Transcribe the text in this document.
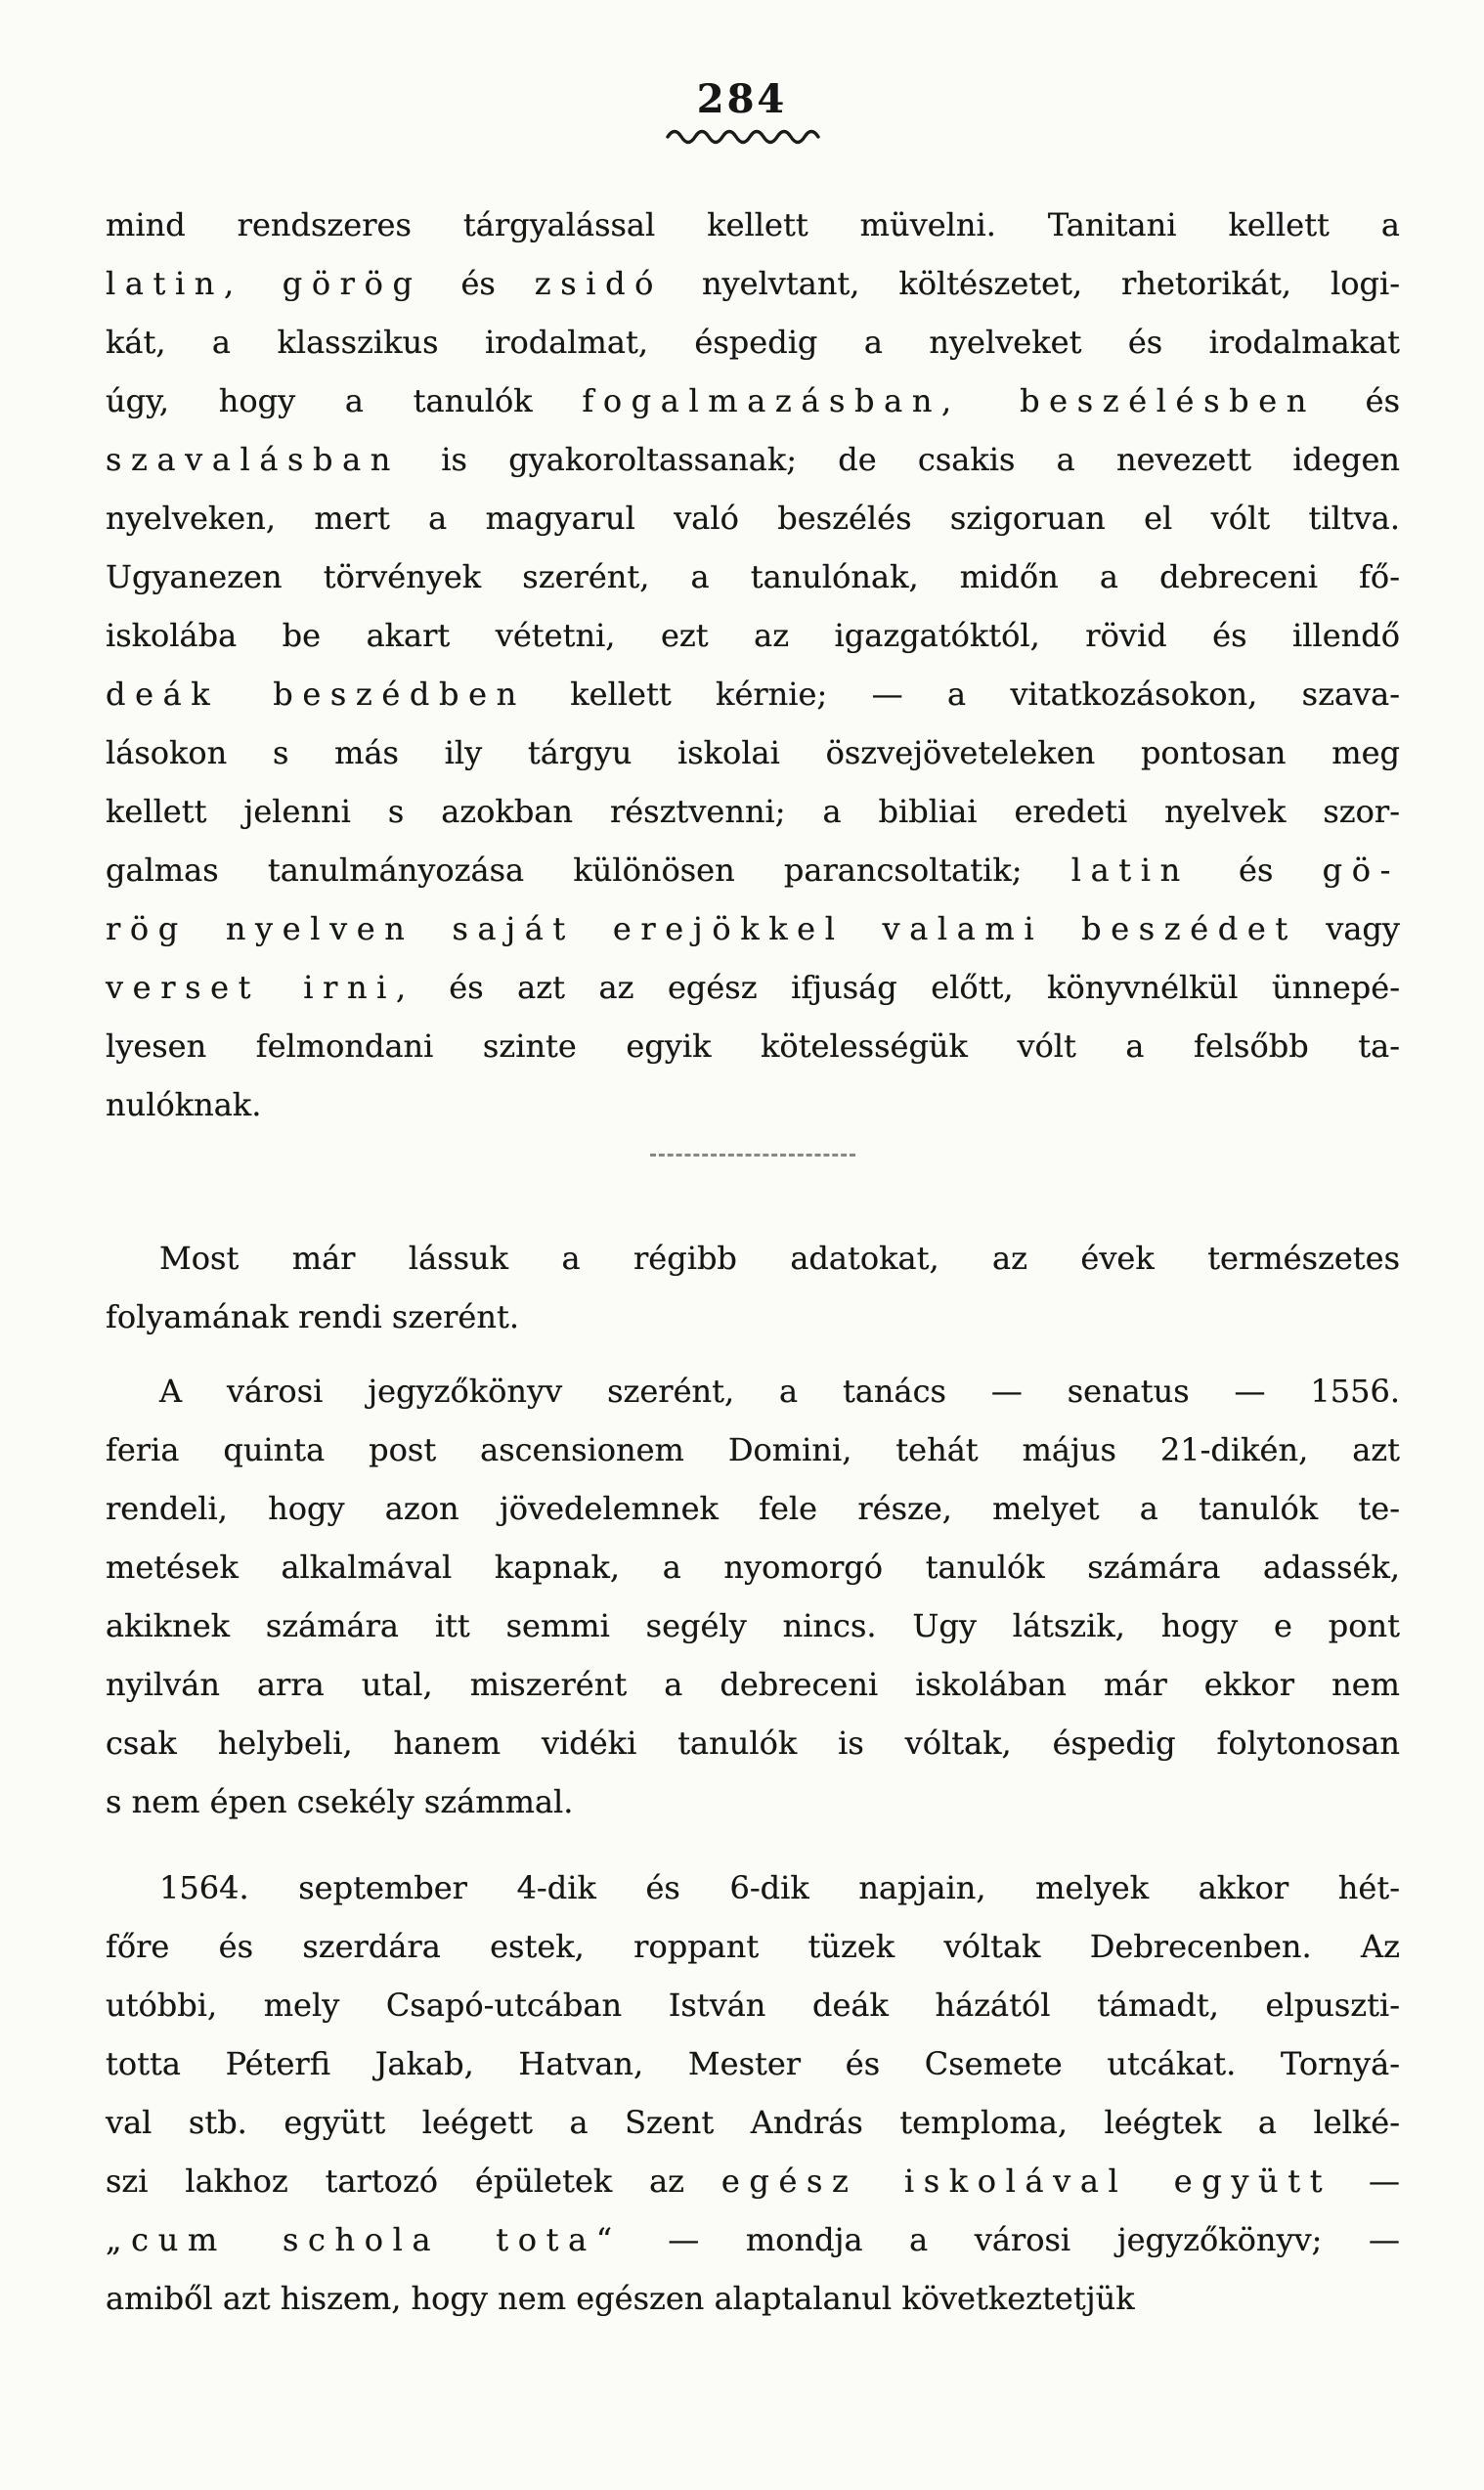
284
mind rendszeres tárgyalással kellett müvelni. Tanitani kellett a
latin, görög és zsidó nyelvtant, költészetet, rhetorikát, logi-
kát, a klasszikus irodalmat, éspedig a nyelveket és irodalmakat
úgy, hogy a tanulók fogalmazásban, beszélésben és
szavalásban is gyakoroltassanak; de csakis a nevezett idegen
nyelveken, mert a magyarul való beszélés szigoruan el vólt tiltva.
Ugyanezen törvények szerént, a tanulónak, midőn a debreceni fő-
iskolába be akart vétetni, ezt az igazgatóktól, rövid és illendő
deák beszédben kellett kérnie; — a vitatkozásokon, szava-
lásokon s más ily tárgyu iskolai öszvejöveteleken pontosan meg
kellett jelenni s azokban résztvenni; a bibliai eredeti nyelvek szor-
galmas tanulmányozása különösen parancsoltatik; latin és gö-
rög nyelven saját erejökkel valami beszédet vagy
verset irni, és azt az egész ifjuság előtt, könyvnélkül ünnepé-
lyesen felmondani szinte egyik kötelességük vólt a felsőbb ta-
nulóknak.
Most már lássuk a régibb adatokat, az évek természetes
folyamának rendi szerént.
A városi jegyzőkönyv szerént, a tanács — senatus — 1556.
feria quinta post ascensionem Domini, tehát május 21-dikén, azt
rendeli, hogy azon jövedelemnek fele része, melyet a tanulók te-
metések alkalmával kapnak, a nyomorgó tanulók számára adassék,
akiknek számára itt semmi segély nincs. Ugy látszik, hogy e pont
nyilván arra utal, miszerént a debreceni iskolában már ekkor nem
csak helybeli, hanem vidéki tanulók is vóltak, éspedig folytonosan
s nem épen csekély számmal.
1564. september 4-dik és 6-dik napjain, melyek akkor hét-
főre és szerdára estek, roppant tüzek vóltak Debrecenben. Az
utóbbi, mely Csapó-utcában István deák házától támadt, elpuszti-
totta Péterfi Jakab, Hatvan, Mester és Csemete utcákat. Tornyá-
val stb. együtt leégett a Szent András temploma, leégtek a lelké-
szi lakhoz tartozó épületek az egész iskolával együtt —
„cum schola tota“ — mondja a városi jegyzőkönyv; —
amiből azt hiszem, hogy nem egészen alaptalanul következtetjük
